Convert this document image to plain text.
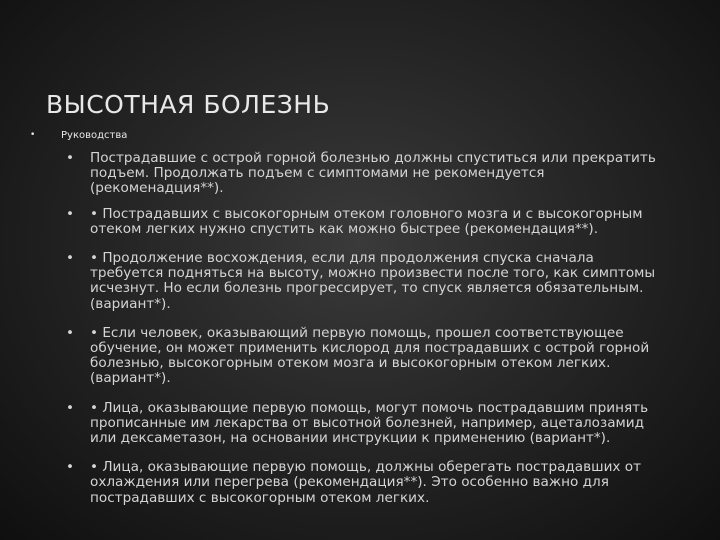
ВЫСОТНАЯ БОЛЕЗНЬ
•	Руководства
• Пострадавшие с острой горной болезнью должны спуститься или прекратить подъем. Продолжать подъем с симптомами не рекомендуется (рекоменадция**).
• • Пострадавших с высокогорным отеком головного мозга и с высокогорным отеком легких нужно спустить как можно быстрее (рекомендация**).
• • Продолжение восхождения, если для продолжения спуска сначала требуется подняться на высоту, можно произвести после того, как симптомы исчезнут. Но если болезнь прогрессирует, то спуск является обязательным. (вариант*).
• • Если человек, оказывающий первую помощь, прошел соответствующее обучение, он может применить кислород для пострадавших с острой горной болезнью, высокогорным отеком мозга и высокогорным отеком легких. (вариант*).
• • Лица, оказывающие первую помощь, могут помочь пострадавшим принять прописанные им лекарства от высотной болезней, например, ацеталозамид или дексаметазон, на основании инструкции к применению (вариант*).
• • Лица, оказывающие первую помощь, должны оберегать пострадавших от охлаждения или перегрева (рекомендация**). Это особенно важно для пострадавших с высокогорным отеком легких.
